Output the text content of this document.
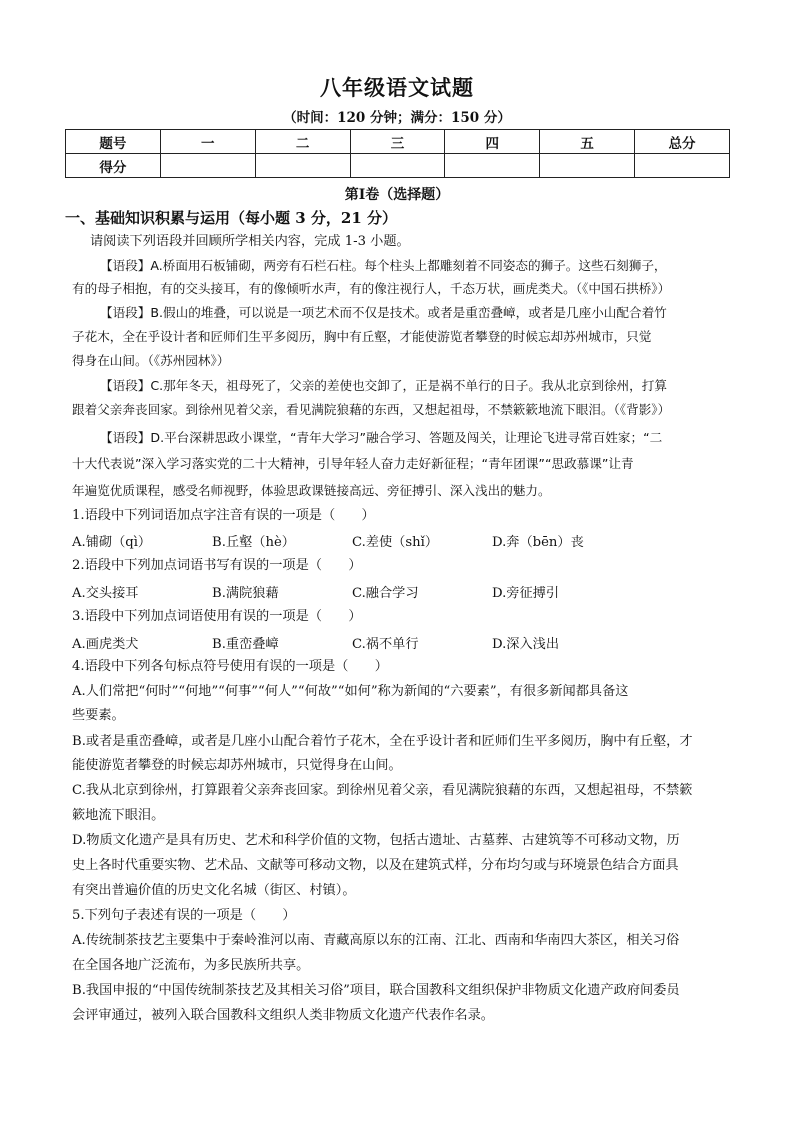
八年级语文试题
（时间：120 分钟；满分：150 分）
题号	一	二	三	四	五	总分
得分						
第Ⅰ卷（选择题）
一、基础知识积累与运用（每小题 3 分，21 分）
请阅读下列语段并回顾所学相关内容，完成 1-3 小题。
【语段】A.桥面用石板铺砌，两旁有石栏石柱。每个柱头上都雕刻着不同姿态的狮子。这些石刻狮子，
有的母子相抱，有的交头接耳，有的像倾听水声，有的像注视行人，千态万状，画虎类犬。（《中国石拱桥》）
【语段】B.假山的堆叠，可以说是一项艺术而不仅是技术。或者是重峦叠嶂，或者是几座小山配合着竹
子花木，全在乎设计者和匠师们生平多阅历，胸中有丘壑，才能使游览者攀登的时候忘却苏州城市，只觉
得身在山间。（《苏州园林》）
【语段】C.那年冬天，祖母死了，父亲的差使也交卸了，正是祸不单行的日子。我从北京到徐州，打算
跟着父亲奔丧回家。到徐州见着父亲，看见满院狼藉的东西，又想起祖母，不禁簌簌地流下眼泪。（《背影》）
【语段】D.平台深耕思政小课堂，“青年大学习”融合学习、答题及闯关，让理论飞进寻常百姓家；“二
十大代表说”深入学习落实党的二十大精神，引导年轻人奋力走好新征程；“青年团课”“思政慕课”让青
年遍览优质课程，感受名师视野，体验思政课链接高远、旁征搏引、深入浅出的魅力。
1.语段中下列词语加点字注音有误的一项是（　　）
A.铺砌（qì）	B.丘壑（hè）	C.差使（shǐ）	D.奔（bēn）丧
2.语段中下列加点词语书写有误的一项是（　　）
A.交头接耳	B.满院狼藉	C.融合学习	D.旁征搏引
3.语段中下列加点词语使用有误的一项是（　　）
A.画虎类犬	B.重峦叠嶂	C.祸不单行	D.深入浅出
4.语段中下列各句标点符号使用有误的一项是（　　）
A.人们常把“何时”“何地”“何事”“何人”“何故”“如何”称为新闻的“六要素”，有很多新闻都具备这
些要素。
B.或者是重峦叠嶂，或者是几座小山配合着竹子花木，全在乎设计者和匠师们生平多阅历，胸中有丘壑，才
能使游览者攀登的时候忘却苏州城市，只觉得身在山间。
C.我从北京到徐州，打算跟着父亲奔丧回家。到徐州见着父亲，看见满院狼藉的东西，又想起祖母，不禁簌
簌地流下眼泪。
D.物质文化遗产是具有历史、艺术和科学价值的文物，包括古遗址、古墓葬、古建筑等不可移动文物，历
史上各时代重要实物、艺术品、文献等可移动文物，以及在建筑式样，分布均匀或与环境景色结合方面具
有突出普遍价值的历史文化名城（街区、村镇）。
5.下列句子表述有误的一项是（　　）
A.传统制茶技艺主要集中于秦岭淮河以南、青藏高原以东的江南、江北、西南和华南四大茶区，相关习俗
在全国各地广泛流布，为多民族所共享。
B.我国申报的“中国传统制茶技艺及其相关习俗”项目，联合国教科文组织保护非物质文化遗产政府间委员
会评审通过，被列入联合国教科文组织人类非物质文化遗产代表作名录。
